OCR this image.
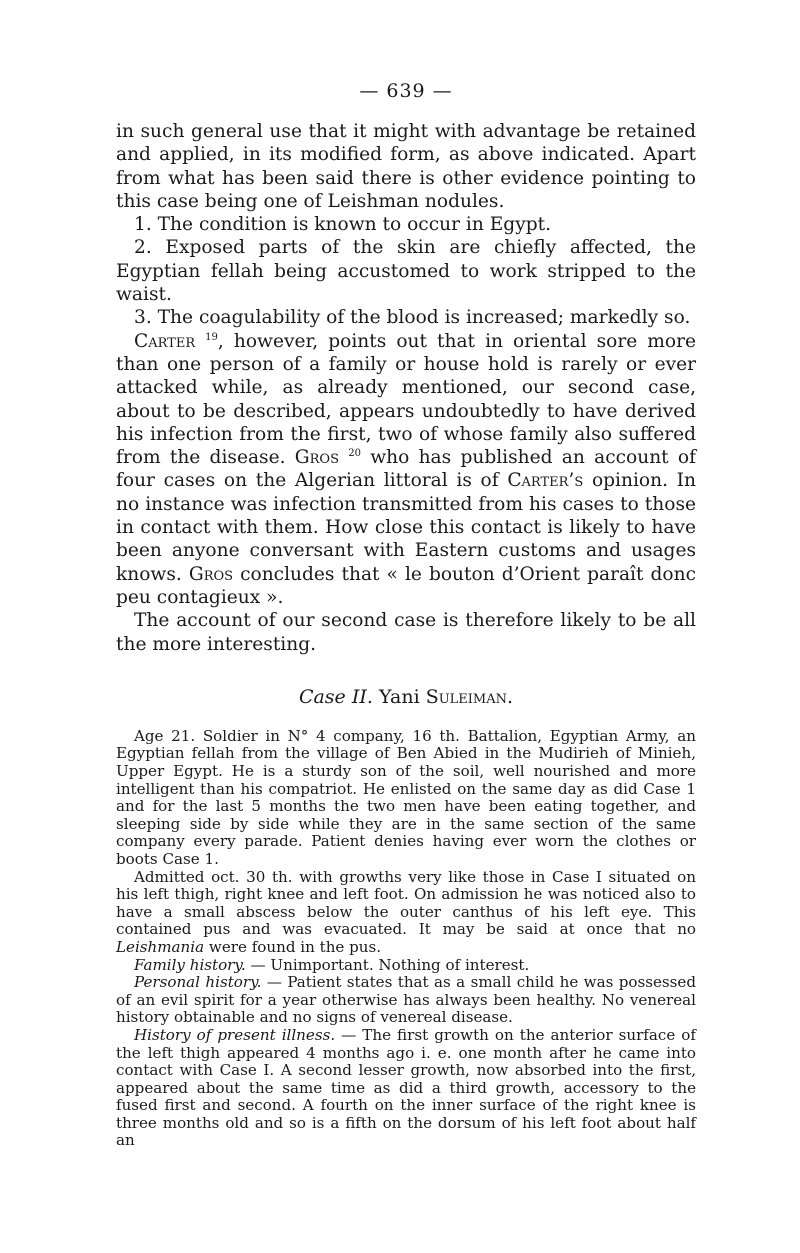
— 639 —

in such general use that it might with advantage be retained and applied, in its modified form, as above indicated. Apart from what has been said there is other evidence pointing to this case being one of Leishman nodules.

1. The condition is known to occur in Egypt.

2. Exposed parts of the skin are chiefly affected, the Egyptian fellah being accustomed to work stripped to the waist.

3. The coagulability of the blood is increased; markedly so.

Carter $^{19}$, however, points out that in oriental sore more than one person of a family or house hold is rarely or ever attacked while, as already mentioned, our second case, about to be described, appears undoubtedly to have derived his infection from the first, two of whose family also suffered from the disease. Gros $^{20}$ who has published an account of four cases on the Algerian littoral is of Carter’s opinion. In no instance was infection transmitted from his cases to those in contact with them. How close this contact is likely to have been anyone conversant with Eastern customs and usages knows. Gros concludes that « le bouton d’Orient paraît donc peu contagieux ».

The account of our second case is therefore likely to be all the more interesting.

Case II. Yani Suleiman.

Age 21. Soldier in N° 4 company, 16 th. Battalion, Egyptian Army, an Egyptian fellah from the village of Ben Abied in the Mudirieh of Minieh, Upper Egypt. He is a sturdy son of the soil, well nourished and more intelligent than his compatriot. He enlisted on the same day as did Case 1 and for the last 5 months the two men have been eating together, and sleeping side by side while they are in the same section of the same company every parade. Patient denies having ever worn the clothes or boots Case 1.

Admitted oct. 30 th. with growths very like those in Case I situated on his left thigh, right knee and left foot. On admission he was noticed also to have a small abscess below the outer canthus of his left eye. This contained pus and was evacuated. It may be said at once that no Leishmania were found in the pus.

Family history. — Unimportant. Nothing of interest.

Personal history. — Patient states that as a small child he was possessed of an evil spirit for a year otherwise has always been healthy. No venereal history obtainable and no signs of venereal disease.

History of present illness. — The first growth on the anterior surface of the left thigh appeared 4 months ago i. e. one month after he came into contact with Case I. A second lesser growth, now absorbed into the first, appeared about the same time as did a third growth, accessory to the fused first and second. A fourth on the inner surface of the right knee is three months old and so is a fifth on the dorsum of his left foot about half an
